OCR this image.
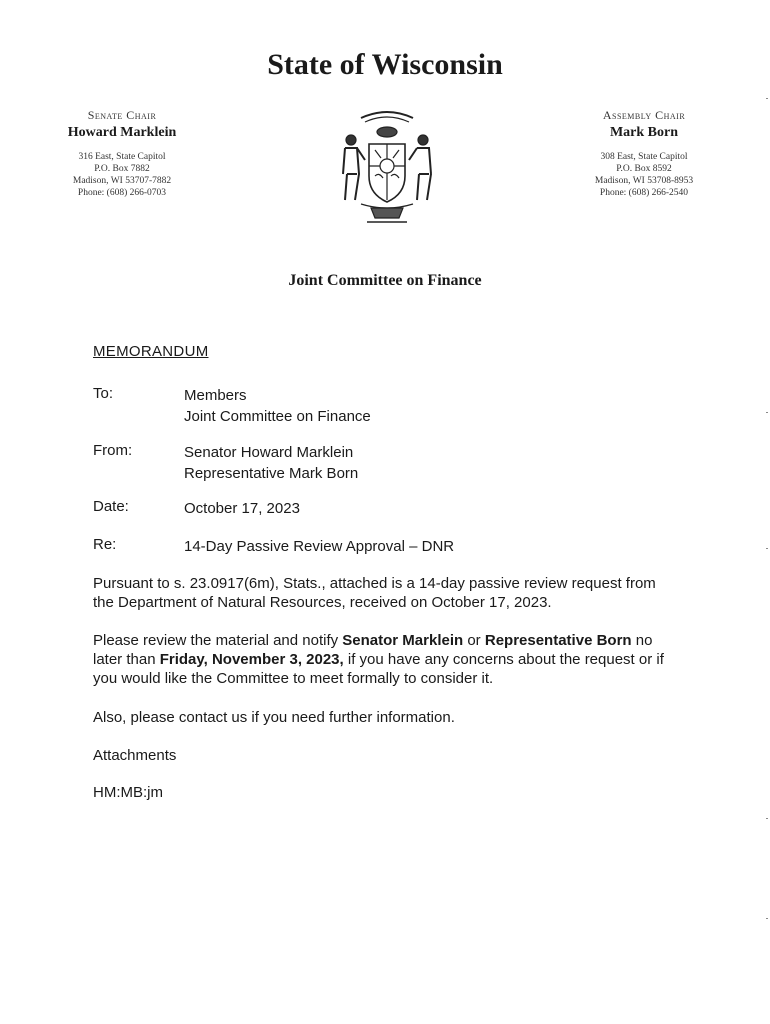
State of Wisconsin
Senate Chair
Howard Marklein
316 East, State Capitol
P.O. Box 7882
Madison, WI 53707-7882
Phone: (608) 266-0703
Assembly Chair
Mark Born
308 East, State Capitol
P.O. Box 8592
Madison, WI 53708-8953
Phone: (608) 266-2540
Joint Committee on Finance
MEMORANDUM
To:	Members
Joint Committee on Finance
From:	Senator Howard Marklein
Representative Mark Born
Date:	October 17, 2023
Re:	14-Day Passive Review Approval – DNR
Pursuant to s. 23.0917(6m), Stats., attached is a 14-day passive review request from the Department of Natural Resources, received on October 17, 2023.
Please review the material and notify Senator Marklein or Representative Born no later than Friday, November 3, 2023, if you have any concerns about the request or if you would like the Committee to meet formally to consider it.
Also, please contact us if you need further information.
Attachments
HM:MB:jm
